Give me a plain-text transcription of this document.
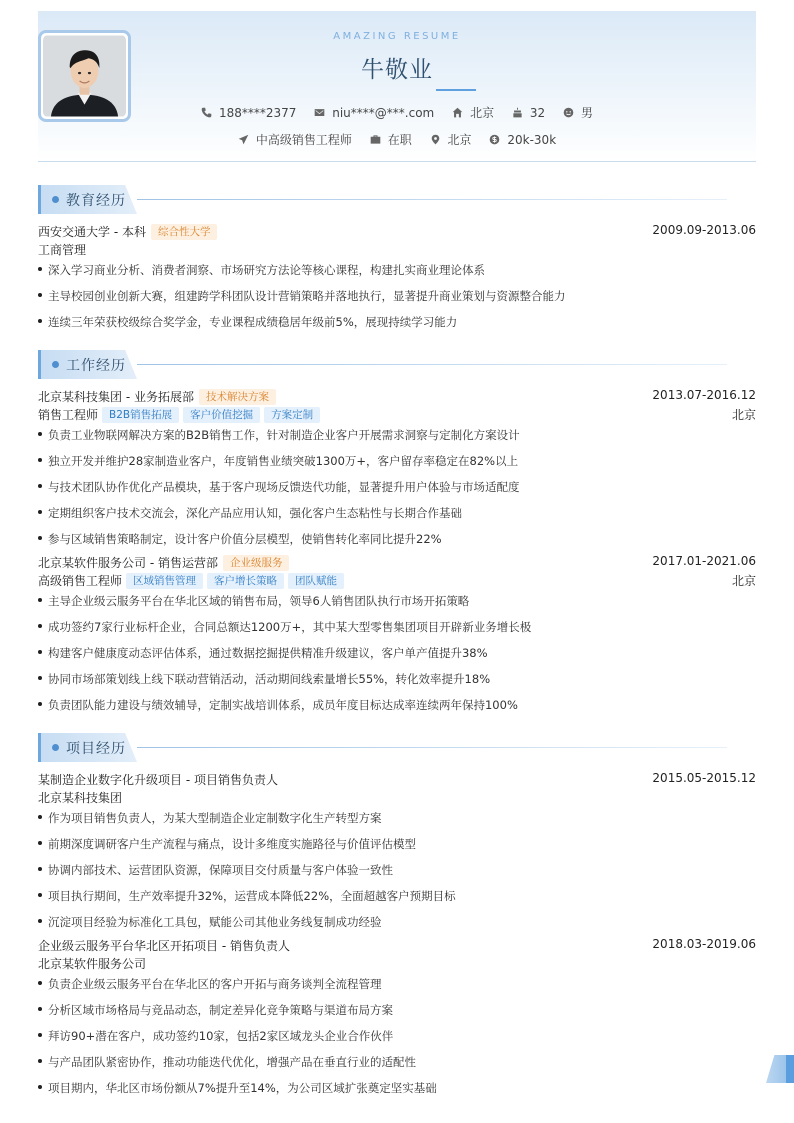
AMAZING RESUME
牛敬业
188****2377
	niu****@***.com
	北京
	32
	男
中高级销售工程师
	在职
	北京
	20k-30k
教育经历
西安交通大学 - 本科	综合性大学	2009.09-2013.06
工商管理
深入学习商业分析、消费者洞察、市场研究方法论等核心课程，构建扎实商业理论体系
主导校园创业创新大赛，组建跨学科团队设计营销策略并落地执行，显著提升商业策划与资源整合能力
连续三年荣获校级综合奖学金，专业课程成绩稳居年级前5%，展现持续学习能力
工作经历
北京某科技集团 - 业务拓展部	技术解决方案	2013.07-2016.12
销售工程师	B2B销售拓展	客户价值挖掘	方案定制	北京
负责工业物联网解决方案的B2B销售工作，针对制造企业客户开展需求洞察与定制化方案设计
独立开发并维护28家制造业客户，年度销售业绩突破1300万+，客户留存率稳定在82%以上
与技术团队协作优化产品模块，基于客户现场反馈迭代功能，显著提升用户体验与市场适配度
定期组织客户技术交流会，深化产品应用认知，强化客户生态粘性与长期合作基础
参与区域销售策略制定，设计客户价值分层模型，使销售转化率同比提升22%
北京某软件服务公司 - 销售运营部	企业级服务	2017.01-2021.06
高级销售工程师	区域销售管理	客户增长策略	团队赋能	北京
主导企业级云服务平台在华北区域的销售布局，领导6人销售团队执行市场开拓策略
成功签约7家行业标杆企业，合同总额达1200万+，其中某大型零售集团项目开辟新业务增长极
构建客户健康度动态评估体系，通过数据挖掘提供精准升级建议，客户单产值提升38%
协同市场部策划线上线下联动营销活动，活动期间线索量增长55%，转化效率提升18%
负责团队能力建设与绩效辅导，定制实战培训体系，成员年度目标达成率连续两年保持100%
项目经历
某制造企业数字化升级项目 - 项目销售负责人	2015.05-2015.12
北京某科技集团
作为项目销售负责人，为某大型制造企业定制数字化生产转型方案
前期深度调研客户生产流程与痛点，设计多维度实施路径与价值评估模型
协调内部技术、运营团队资源，保障项目交付质量与客户体验一致性
项目执行期间，生产效率提升32%，运营成本降低22%，全面超越客户预期目标
沉淀项目经验为标准化工具包，赋能公司其他业务线复制成功经验
企业级云服务平台华北区开拓项目 - 销售负责人	2018.03-2019.06
北京某软件服务公司
负责企业级云服务平台在华北区的客户开拓与商务谈判全流程管理
分析区域市场格局与竞品动态，制定差异化竞争策略与渠道布局方案
拜访90+潜在客户，成功签约10家，包括2家区域龙头企业合作伙伴
与产品团队紧密协作，推动功能迭代优化，增强产品在垂直行业的适配性
项目期内，华北区市场份额从7%提升至14%，为公司区域扩张奠定坚实基础
